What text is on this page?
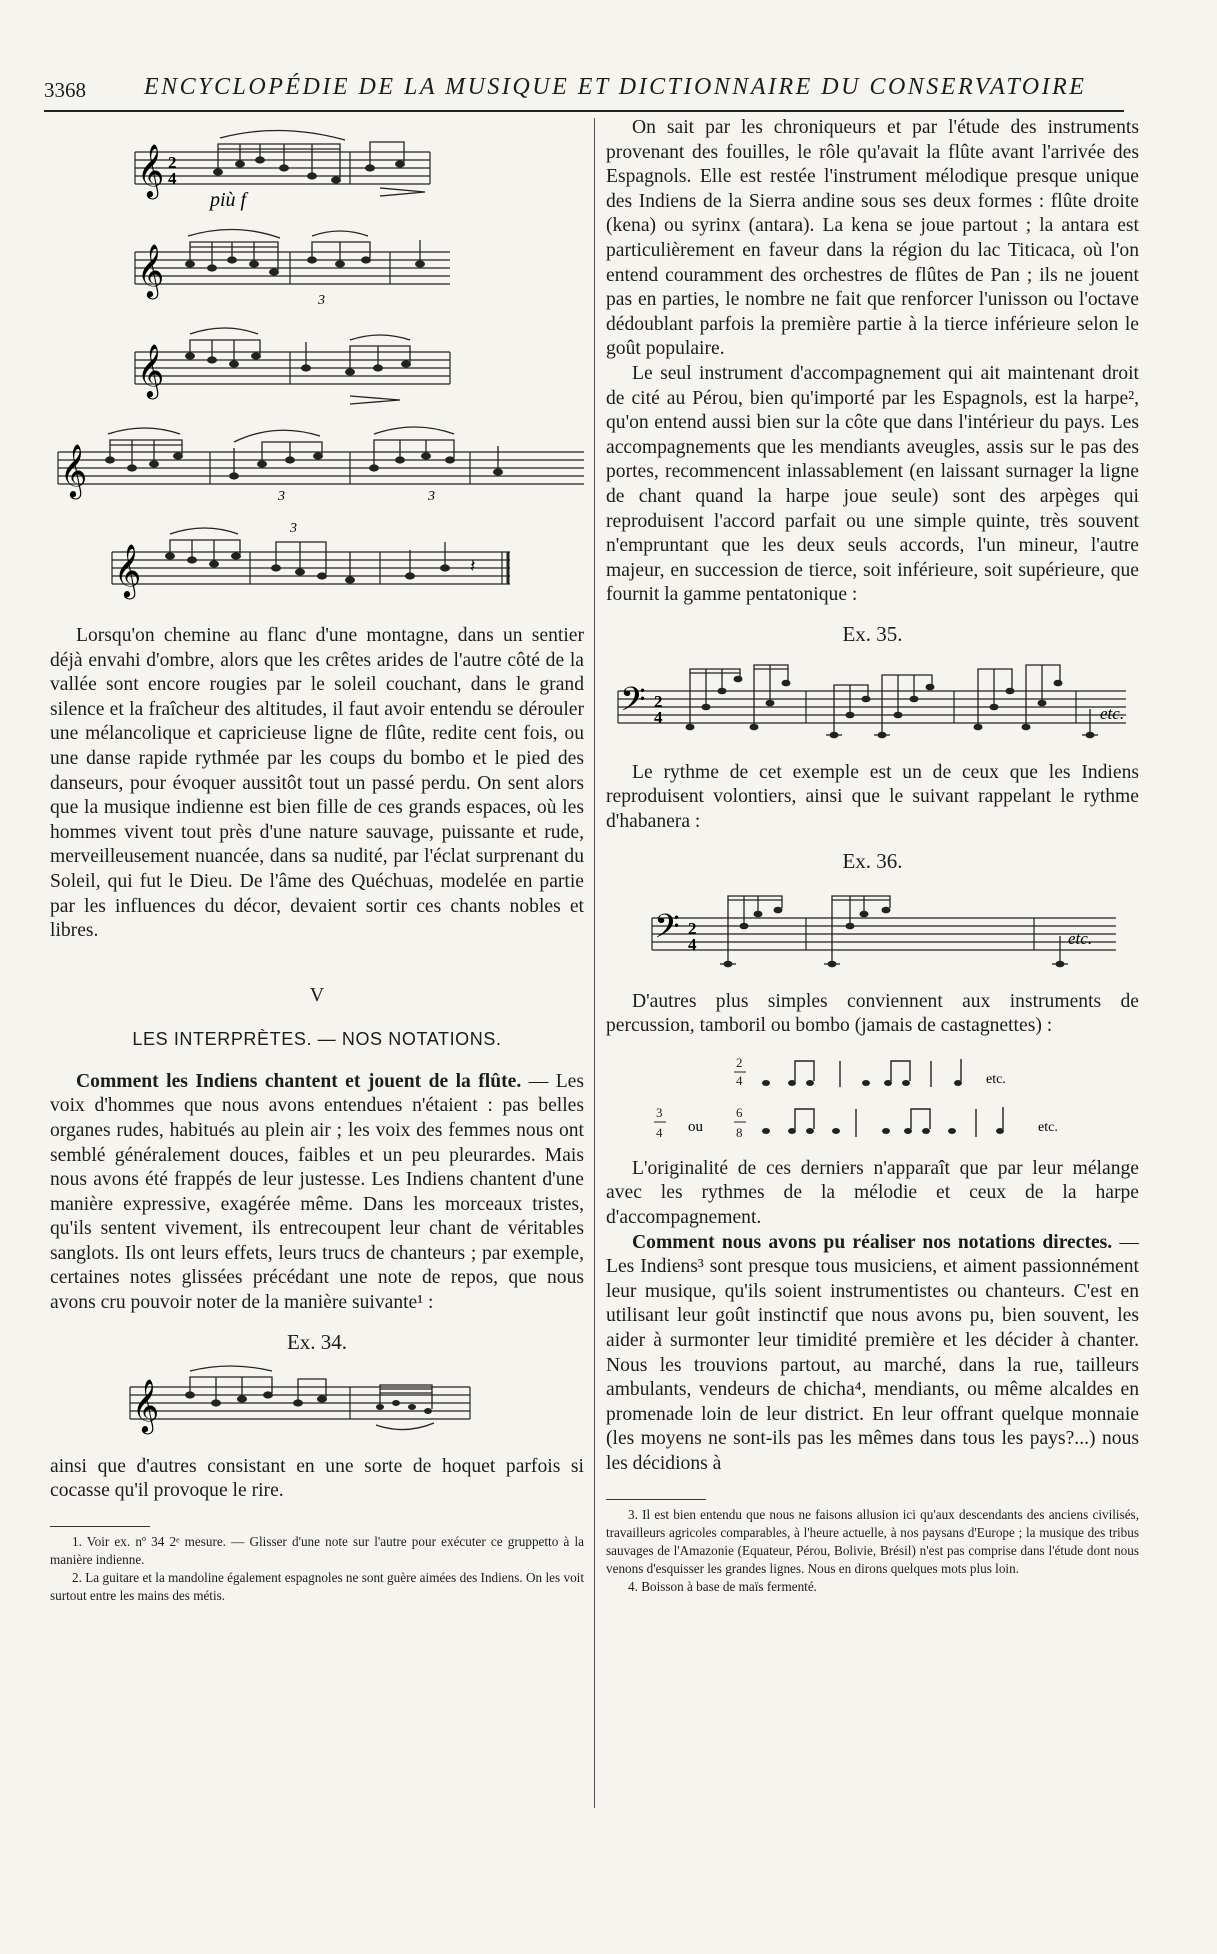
3368 ENCYCLOPÉDIE DE LA MUSIQUE ET DICTIONNAIRE DU CONSERVATOIRE
𝄞 2
4
più f
𝄞
3
𝄞
𝄞	3	3
𝄞
3
𝄽

Lorsqu'on chemine au flanc d'une montagne, dans un sentier déjà envahi d'ombre, alors que les crêtes arides de l'autre côté de la vallée sont encore rougies par le soleil couchant, dans le grand silence et la fraîcheur des altitudes, il faut avoir entendu se dérouler une mélancolique et capricieuse ligne de flûte, redite cent fois, ou une danse rapide rythmée par les coups du bombo et le pied des danseurs, pour évoquer aussitôt tout un passé perdu. On sent alors que la musique indienne est bien fille de ces grands espaces, où les hommes vivent tout près d'une nature sauvage, puissante et rude, merveilleusement nuancée, dans sa nudité, par l'éclat surprenant du Soleil, qui fut le Dieu. De l'âme des Quéchuas, modelée en partie par les influences du décor, devaient sortir ces chants nobles et libres.

V
LES INTERPRÈTES. — NOS NOTATIONS.

Comment les Indiens chantent et jouent de la flûte. — Les voix d'hommes que nous avons entendues n'étaient : pas belles organes rudes, habitués au plein air ; les voix des femmes nous ont semblé généralement douces, faibles et un peu pleurardes. Mais nous avons été frappés de leur justesse. Les Indiens chantent d'une manière expressive, exagérée même. Dans les morceaux tristes, qu'ils sentent vivement, ils entrecoupent leur chant de véritables sanglots. Ils ont leurs effets, leurs trucs de chanteurs ; par exemple, certaines notes glissées précédant une note de repos, que nous avons cru pouvoir noter de la manière suivante¹ :

Ex. 34.
𝄞

ainsi que d'autres consistant en une sorte de hoquet parfois si cocasse qu'il provoque le rire.

1. Voir ex. nº 34 2ᵉ mesure. — Glisser d'une note sur l'autre pour exécuter ce gruppetto à la manière indienne.

2. La guitare et la mandoline également espagnoles ne sont guère aimées des Indiens. On les voit surtout entre les mains des métis.

On sait par les chroniqueurs et par l'étude des instruments provenant des fouilles, le rôle qu'avait la flûte avant l'arrivée des Espagnols. Elle est restée l'instrument mélodique presque unique des Indiens de la Sierra andine sous ses deux formes : flûte droite (kena) ou syrinx (antara). La kena se joue partout ; la antara est particulièrement en faveur dans la région du lac Titicaca, où l'on entend couramment des orchestres de flûtes de Pan ; ils ne jouent pas en parties, le nombre ne fait que renforcer l'unisson ou l'octave dédoublant parfois la première partie à la tierce inférieure selon le goût populaire.

Le seul instrument d'accompagnement qui ait maintenant droit de cité au Pérou, bien qu'importé par les Espagnols, est la harpe², qu'on entend aussi bien sur la côte que dans l'intérieur du pays. Les accompagnements que les mendiants aveugles, assis sur le pas des portes, recommencent inlassablement (en laissant surnager la ligne de chant quand la harpe joue seule) sont des arpèges qui reproduisent l'accord parfait ou une simple quinte, très souvent n'empruntant que les deux seuls accords, l'un mineur, l'autre majeur, en succession de tierce, soit inférieure, soit supérieure, que fournit la gamme pentatonique :

Ex. 35.
𝄢 2
4	etc.

Le rythme de cet exemple est un de ceux que les Indiens reproduisent volontiers, ainsi que le suivant rappelant le rythme d'habanera :

Ex. 36.
𝄢 2
4	etc.

D'autres plus simples conviennent aux instruments de percussion, tamboril ou bombo (jamais de castagnettes) :

2
4
3
4
6
8
ou
etc.
etc.

L'originalité de ces derniers n'apparaît que par leur mélange avec les rythmes de la mélodie et ceux de la harpe d'accompagnement.

Comment nous avons pu réaliser nos notations directes. — Les Indiens³ sont presque tous musiciens, et aiment passionnément leur musique, qu'ils soient instrumentistes ou chanteurs. C'est en utilisant leur goût instinctif que nous avons pu, bien souvent, les aider à surmonter leur timidité première et les décider à chanter. Nous les trouvions partout, au marché, dans la rue, tailleurs ambulants, vendeurs de chicha⁴, mendiants, ou même alcaldes en promenade loin de leur district. En leur offrant quelque monnaie (les moyens ne sont-ils pas les mêmes dans tous les pays?...) nous les décidions à

3. Il est bien entendu que nous ne faisons allusion ici qu'aux descendants des anciens civilisés, travailleurs agricoles comparables, à l'heure actuelle, à nos paysans d'Europe ; la musique des tribus sauvages de l'Amazonie (Equateur, Pérou, Bolivie, Brésil) n'est pas comprise dans l'étude dont nous venons d'esquisser les grandes lignes. Nous en dirons quelques mots plus loin.

4. Boisson à base de maïs fermenté.
